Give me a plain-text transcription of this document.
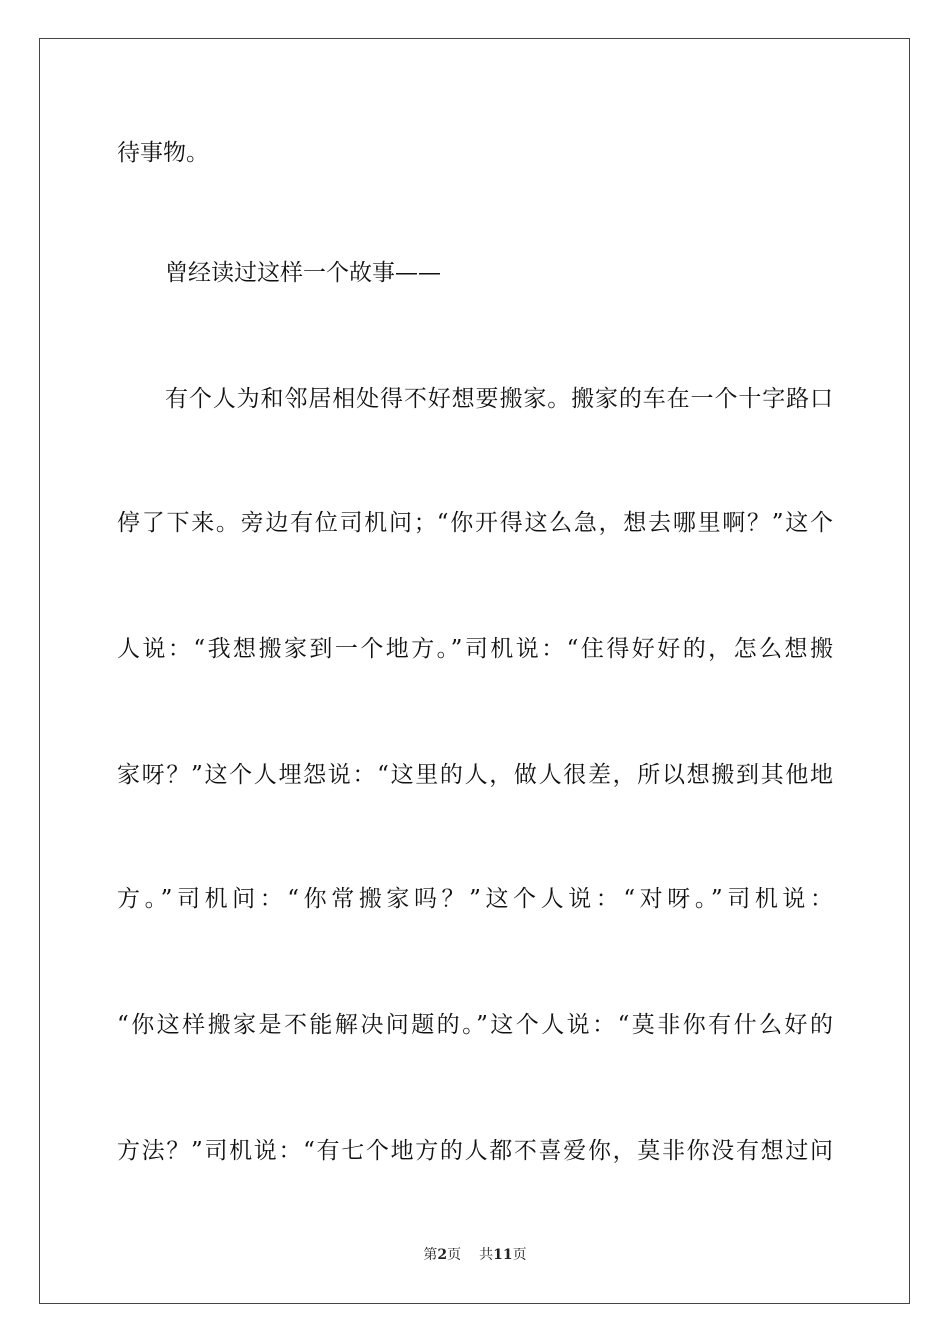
待事物。
曾经读过这样一个故事——
有个人为和邻居相处得不好想要搬家。搬家的车在一个十字路口
停了下来。旁边有位司机问；“你开得这么急，想去哪里啊？”这个
人说：“我想搬家到一个地方。”司机说：“住得好好的，怎么想搬
家呀？”这个人埋怨说：“这里的人，做人很差，所以想搬到其他地
方。”司机问：“你常搬家吗？”这个人说：“对呀。”司机说：
“你这样搬家是不能解决问题的。”这个人说：“莫非你有什么好的
方法？”司机说：“有七个地方的人都不喜爱你，莫非你没有想过问
第2页 共11页
